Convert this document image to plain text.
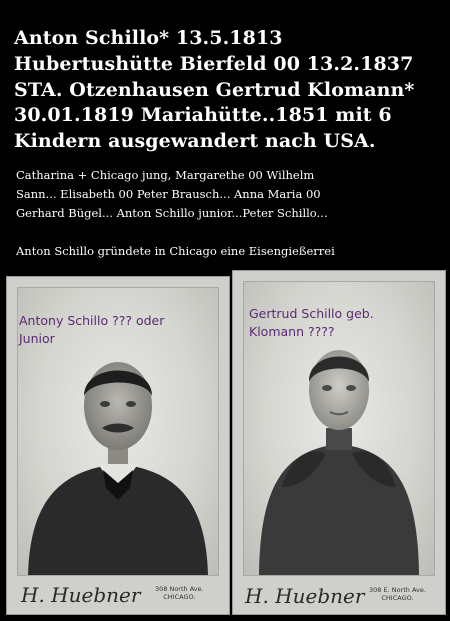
Anton Schillo* 13.5.1813
Hubertushütte Bierfeld 00 13.2.1837
STA. Otzenhausen Gertrud Klomann*
30.01.1819 Mariahütte..1851 mit 6
Kindern ausgewandert nach USA.
Catharina + Chicago jung, Margarethe 00 Wilhelm
Sann... Elisabeth 00 Peter Brausch... Anna Maria 00
Gerhard Bügel... Anton Schillo junior...Peter Schillo...
Anton Schillo gründete in Chicago eine Eisengießerrei
Antony Schillo ??? oder
Junior
H. Huebner 308 North Ave.
CHICAGO.
Gertrud Schillo geb.
Klomann ????
H. Huebner 308 E. North Ave.
CHICAGO.
